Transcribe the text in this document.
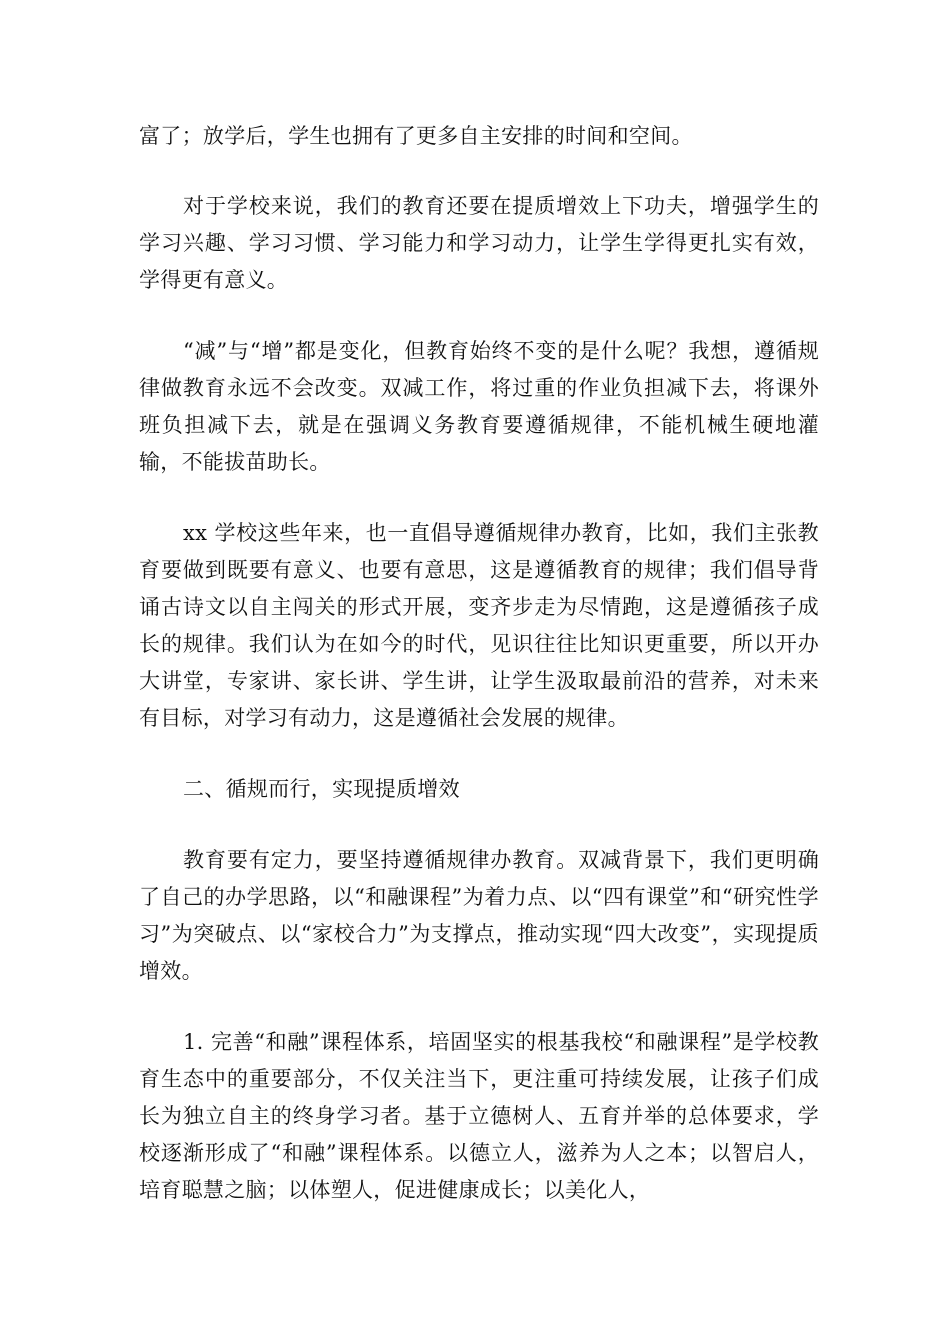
富了；放学后，学生也拥有了更多自主安排的时间和空间。

对于学校来说，我们的教育还要在提质增效上下功夫，增强学生的学习兴趣、学习习惯、学习能力和学习动力，让学生学得更扎实有效，学得更有意义。

“减”与“增”都是变化，但教育始终不变的是什么呢？我想，遵循规律做教育永远不会改变。双减工作，将过重的作业负担减下去，将课外班负担减下去，就是在强调义务教育要遵循规律，不能机械生硬地灌输，不能拔苗助长。

xx 学校这些年来，也一直倡导遵循规律办教育，比如，我们主张教育要做到既要有意义、也要有意思，这是遵循教育的规律；我们倡导背诵古诗文以自主闯关的形式开展，变齐步走为尽情跑，这是遵循孩子成长的规律。我们认为在如今的时代，见识往往比知识更重要，所以开办大讲堂，专家讲、家长讲、学生讲，让学生汲取最前沿的营养，对未来有目标，对学习有动力，这是遵循社会发展的规律。

二、循规而行，实现提质增效

教育要有定力，要坚持遵循规律办教育。双减背景下，我们更明确了自己的办学思路，以“和融课程”为着力点、以“四有课堂”和“研究性学习”为突破点、以“家校合力”为支撑点，推动实现“四大改变”，实现提质增效。

1. 完善“和融”课程体系，培固坚实的根基我校“和融课程”是学校教育生态中的重要部分，不仅关注当下，更注重可持续发展，让孩子们成长为独立自主的终身学习者。基于立德树人、五育并举的总体要求，学校逐渐形成了“和融”课程体系。以德立人，滋养为人之本；以智启人，培育聪慧之脑；以体塑人，促进健康成长；以美化人，
